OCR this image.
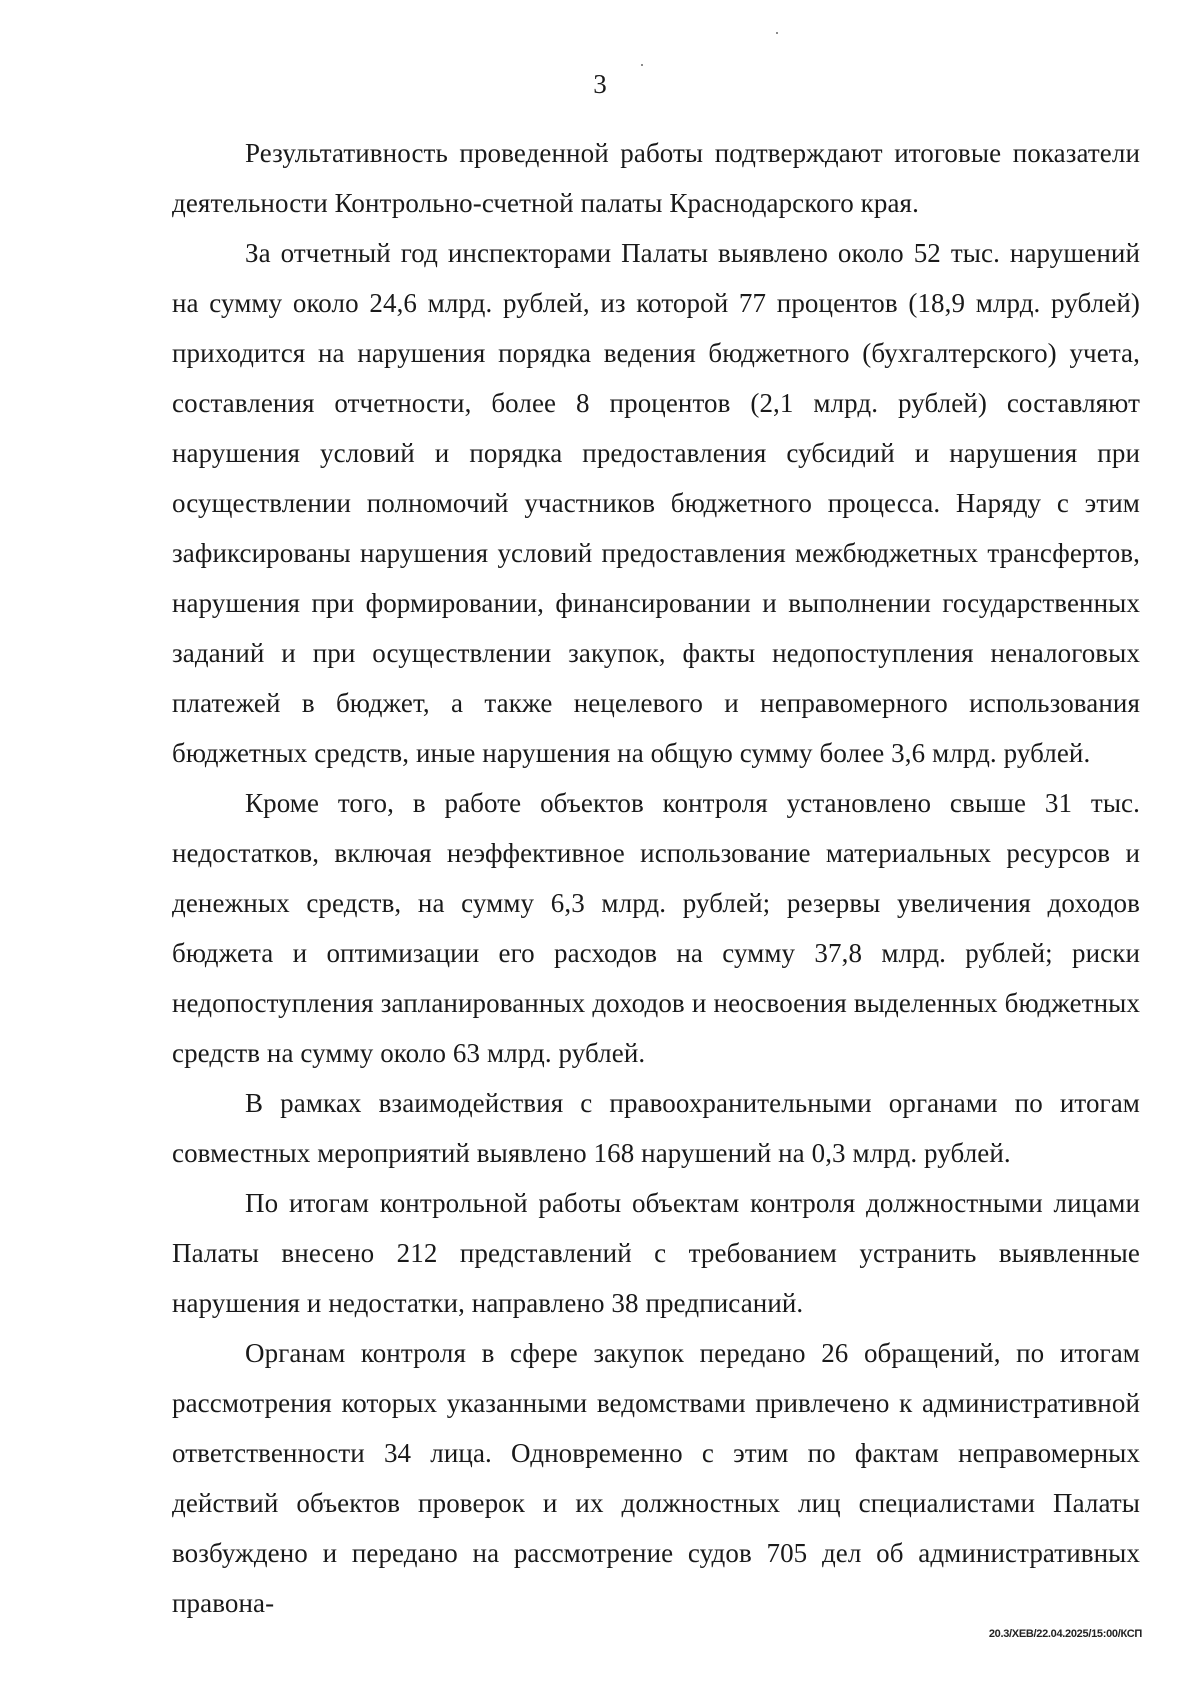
3

Результативность проведенной работы подтверждают итоговые показатели деятельности Контрольно-счетной палаты Краснодарского края.

За отчетный год инспекторами Палаты выявлено около 52 тыс. нарушений на сумму около 24,6 млрд. рублей, из которой 77 процентов (18,9 млрд. рублей) приходится на нарушения порядка ведения бюджетного (бухгалтерского) учета, составления отчетности, более 8 процентов (2,1 млрд. рублей) составляют нарушения условий и порядка предоставления субсидий и нарушения при осуществлении полномочий участников бюджетного процесса. Наряду с этим зафиксированы нарушения условий предоставления межбюджетных трансфертов, нарушения при формировании, финансировании и выполнении государственных заданий и при осуществлении закупок, факты недопоступления неналоговых платежей в бюджет, а также нецелевого и неправомерного использования бюджетных средств, иные нарушения на общую сумму более 3,6 млрд. рублей.

Кроме того, в работе объектов контроля установлено свыше 31 тыс. недостатков, включая неэффективное использование материальных ресурсов и денежных средств, на сумму 6,3 млрд. рублей; резервы увеличения доходов бюджета и оптимизации его расходов на сумму 37,8 млрд. рублей; риски недопоступления запланированных доходов и неосвоения выделенных бюджетных средств на сумму около 63 млрд. рублей.

В рамках взаимодействия с правоохранительными органами по итогам совместных мероприятий выявлено 168 нарушений на 0,3 млрд. рублей.

По итогам контрольной работы объектам контроля должностными лицами Палаты внесено 212 представлений с требованием устранить выявленные нарушения и недостатки, направлено 38 предписаний.

Органам контроля в сфере закупок передано 26 обращений, по итогам рассмотрения которых указанными ведомствами привлечено к административной ответственности 34 лица. Одновременно с этим по фактам неправомерных действий объектов проверок и их должностных лиц специалистами Палаты возбуждено и передано на рассмотрение судов 705 дел об административных правона-

20.3/ХЕВ/22.04.2025/15:00/КСП
